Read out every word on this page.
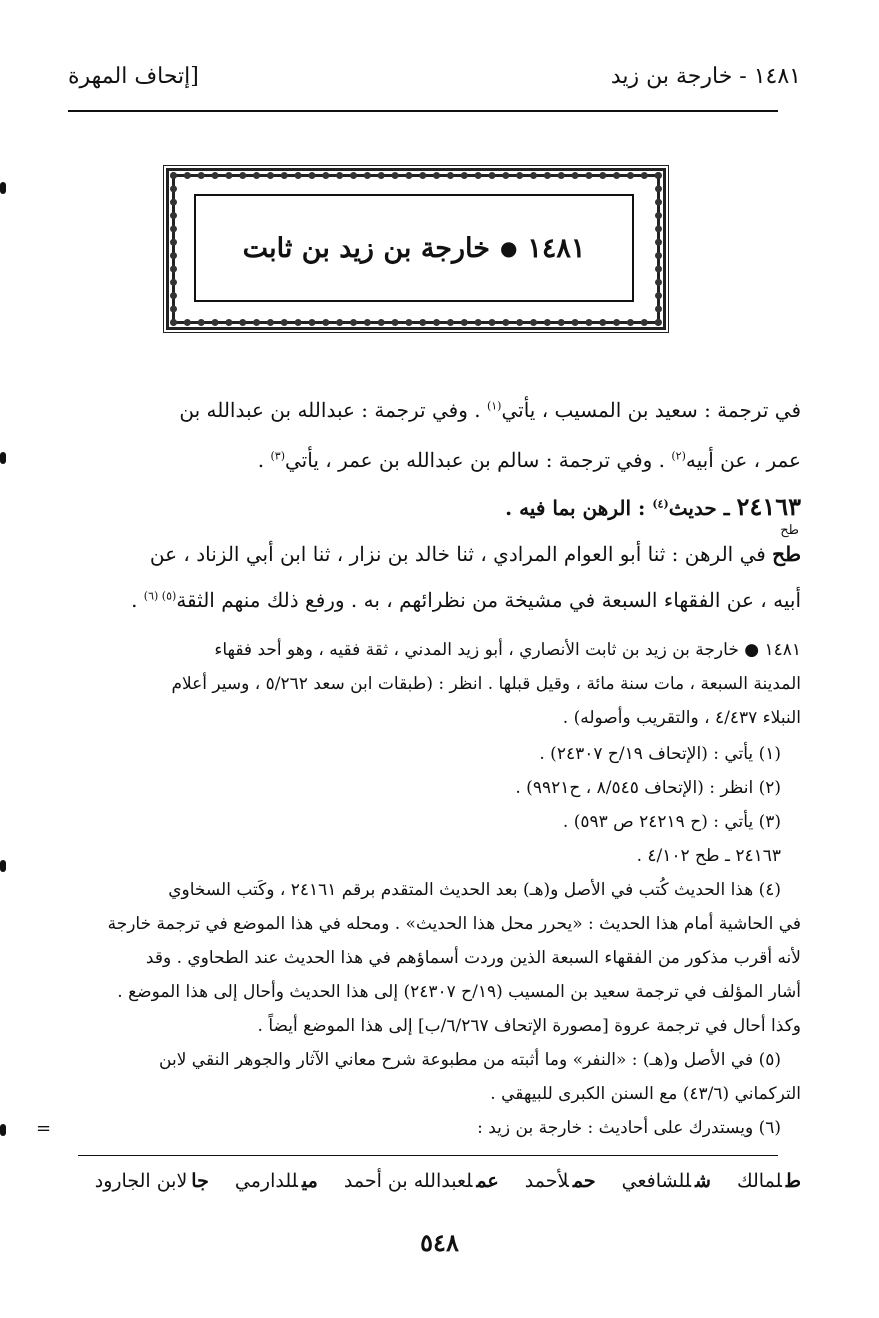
١٤٨١ - خارجة بن زيد
[إتحاف المهرة
=
١٤٨١
●
خارجة بن زيد بن ثابت
في ترجمة : سعيد بن المسيب ، يأتي$^{(١)}$ . وفي ترجمة : عبدالله بن عبدالله بن
عمر ، عن أبيه$^{(٢)}$ . وفي ترجمة : سالم بن عبدالله بن عمر ، يأتي$^{(٣)}$ .
٢٤١٦٣ ـ حديث$^{(٤)}$ : الرهن بما فيه .
طح
طح في الرهن : ثنا أبو العوام المرادي ، ثنا خالد بن نزار ، ثنا ابن أبي الزناد ، عن
أبيه ، عن الفقهاء السبعة في مشيخة من نظرائهم ، به . ورفع ذلك منهم الثقة$^{(٥) (٦)}$ .
١٤٨١ ● خارجة بن زيد بن ثابت الأنصاري ، أبو زيد المدني ، ثقة فقيه ، وهو أحد فقهاء
المدينة السبعة ، مات سنة مائة ، وقيل قبلها . انظر : (طبقات ابن سعد ٥/٢٦٢ ، وسير أعلام
النبلاء ٤/٤٣٧ ، والتقريب وأصوله) .
(١) يأتي : (الإتحاف ١٩/ح ٢٤٣٠٧) .
(٢) انظر : (الإتحاف ٨/٥٤٥ ، ح٩٩٢١) .
(٣) يأتي : (ح ٢٤٢١٩ ص ٥٩٣) .
٢٤١٦٣ ـ طح ٤/١٠٢ .
(٤) هذا الحديث كُتب في الأصل و(هـ) بعد الحديث المتقدم برقم ٢٤١٦١ ، وكَتب السخاوي
في الحاشية أمام هذا الحديث : «يحرر محل هذا الحديث» . ومحله في هذا الموضع في ترجمة خارجة
لأنه أقرب مذكور من الفقهاء السبعة الذين وردت أسماؤهم في هذا الحديث عند الطحاوي . وقد
أشار المؤلف في ترجمة سعيد بن المسيب (١٩/ح ٢٤٣٠٧) إلى هذا الحديث وأحال إلى هذا الموضع .
وكذا أحال في ترجمة عروة [مصورة الإتحاف ٦/٢٦٧/ب] إلى هذا الموضع أيضاً .
(٥) في الأصل و(هـ) : «النفر» وما أثبته من مطبوعة شرح معاني الآثار والجوهر النقي لابن
التركماني (٤٣/٦) مع السنن الكبرى للبيهقي .
(٦) ويستدرك على أحاديث : خارجة بن زيد :
طلمالك شللشافعي حملأحمد عملعبدالله بن أحمد ميللدارمي جالابن الجارود
٥٤٨
